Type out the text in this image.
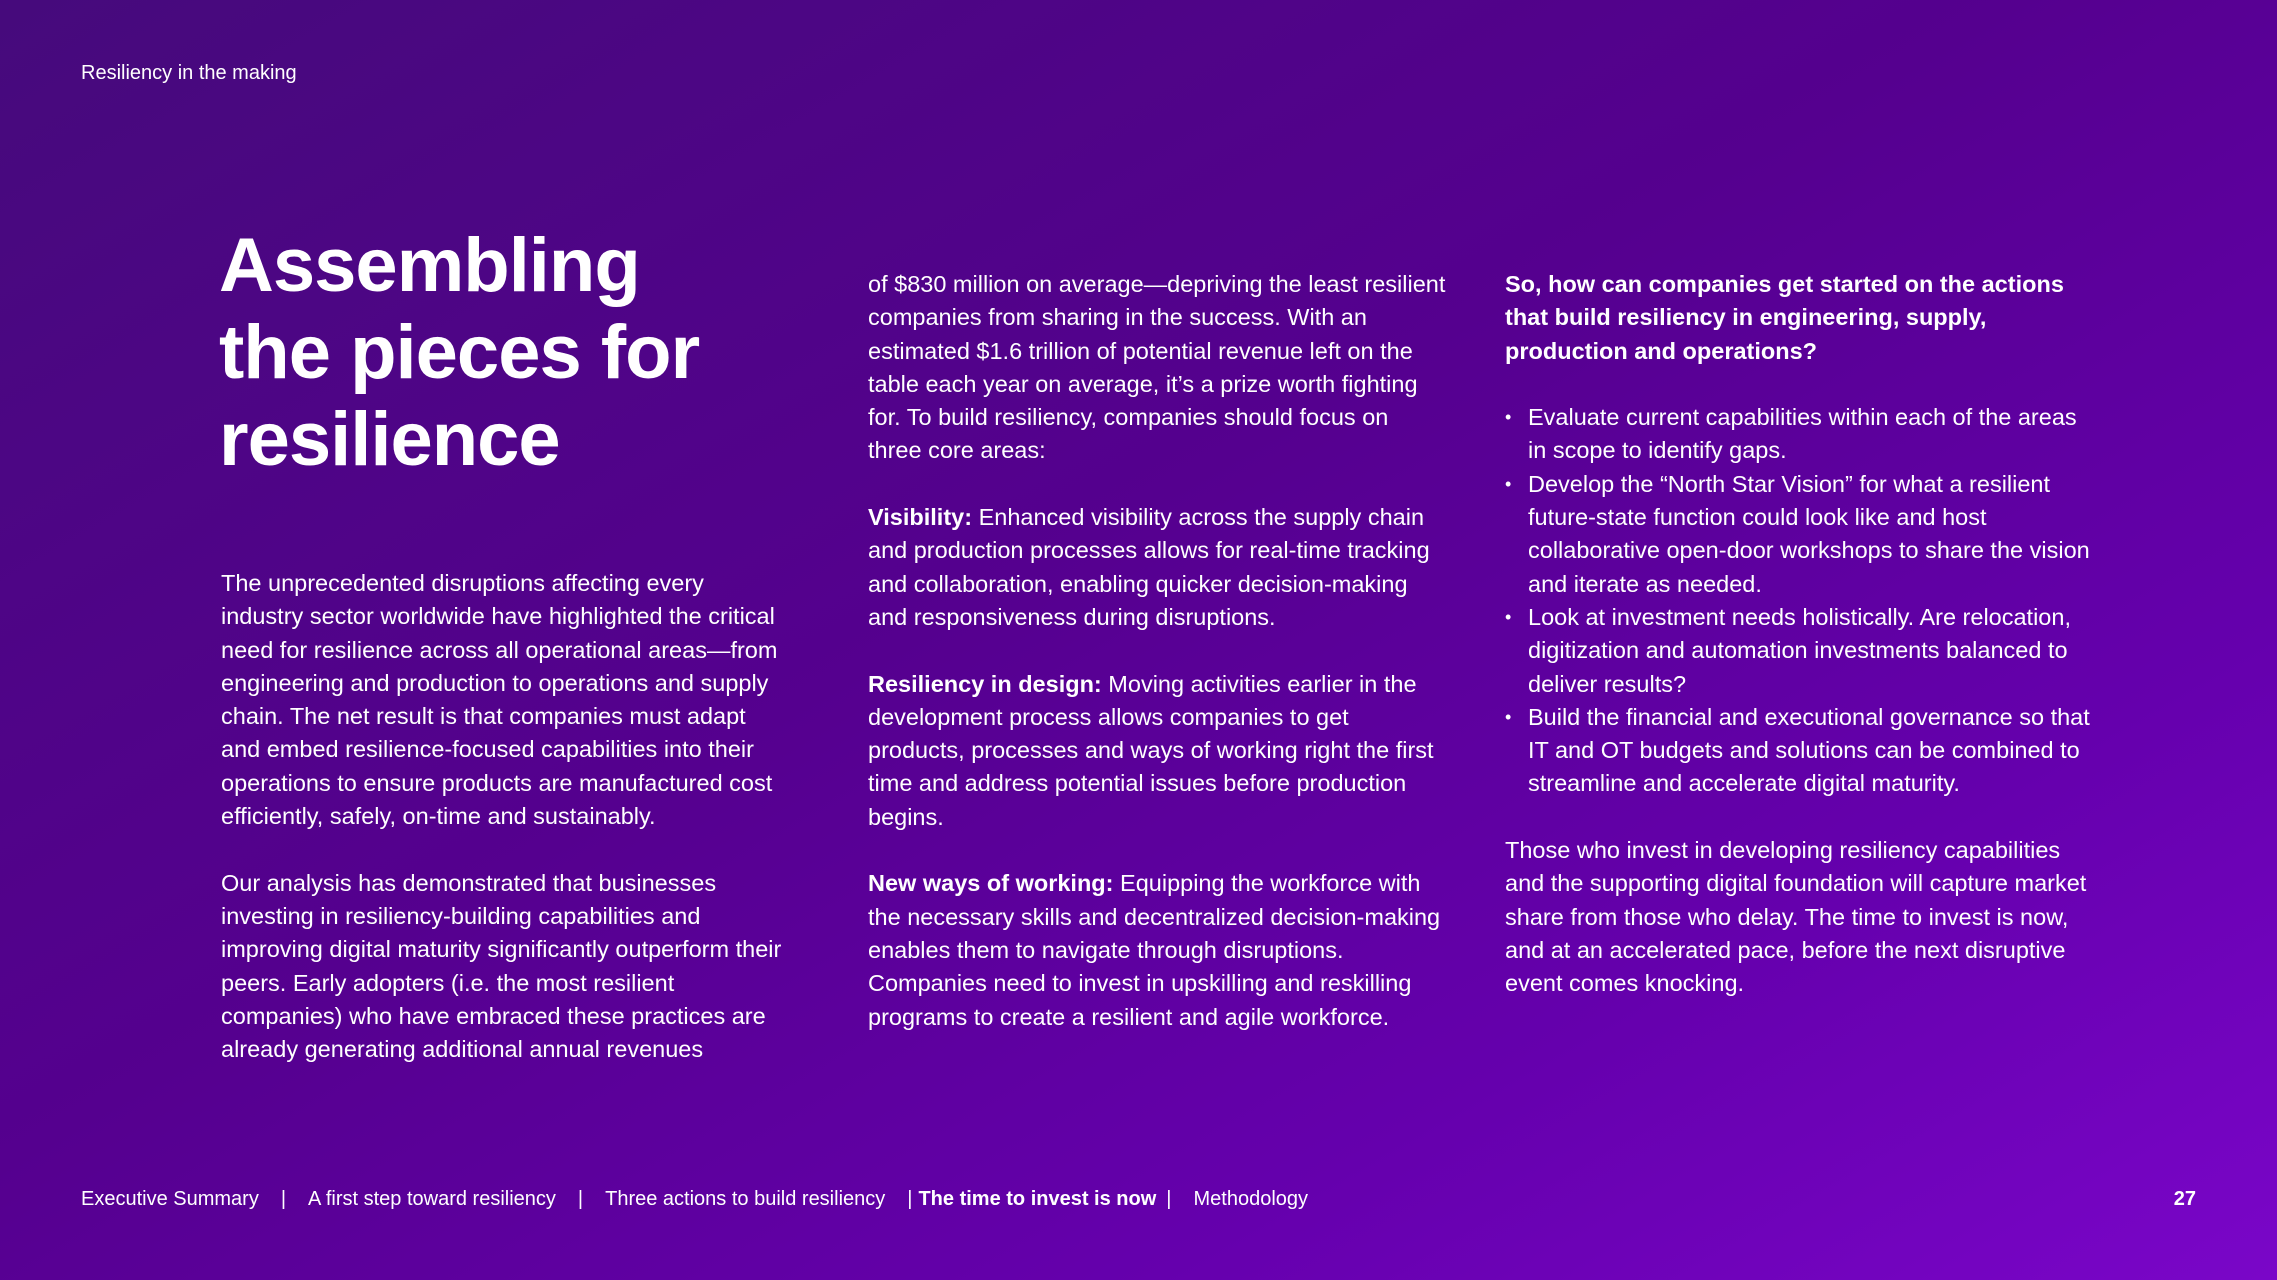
Resiliency in the making

Assembling
the pieces for
resilience

The unprecedented disruptions affecting every industry sector worldwide have highlighted the critical need for resilience across all operational areas—from engineering and production to operations and supply chain. The net result is that companies must adapt and embed resilience-focused capabilities into their operations to ensure products are manufactured cost efficiently, safely, on-time and sustainably.

Our analysis has demonstrated that businesses investing in resiliency-building capabilities and improving digital maturity significantly outperform their peers. Early adopters (i.e. the most resilient companies) who have embraced these practices are already generating additional annual revenues

of $830 million on average—depriving the least resilient companies from sharing in the success. With an estimated $1.6 trillion of potential revenue left on the table each year on average, it’s a prize worth fighting for. To build resiliency, companies should focus on three core areas:

Visibility: Enhanced visibility across the supply chain and production processes allows for real-time tracking and collaboration, enabling quicker decision-making and responsiveness during disruptions.

Resiliency in design: Moving activities earlier in the development process allows companies to get products, processes and ways of working right the first time and address potential issues before production begins.

New ways of working: Equipping the workforce with the necessary skills and decentralized decision-making enables them to navigate through disruptions. Companies need to invest in upskilling and reskilling programs to create a resilient and agile workforce.

So, how can companies get started on the actions that build resiliency in engineering, supply, production and operations?

• Evaluate current capabilities within each of the areas in scope to identify gaps.
• Develop the “North Star Vision” for what a resilient future-state function could look like and host collaborative open-door workshops to share the vision and iterate as needed.
• Look at investment needs holistically. Are relocation, digitization and automation investments balanced to deliver results?
• Build the financial and executional governance so that IT and OT budgets and solutions can be combined to streamline and accelerate digital maturity.

Those who invest in developing resiliency capabilities and the supporting digital foundation will capture market share from those who delay. The time to invest is now, and at an accelerated pace, before the next disruptive event comes knocking.

Executive Summary | A first step toward resiliency | Three actions to build resiliency | The time to invest is now | Methodology	27
